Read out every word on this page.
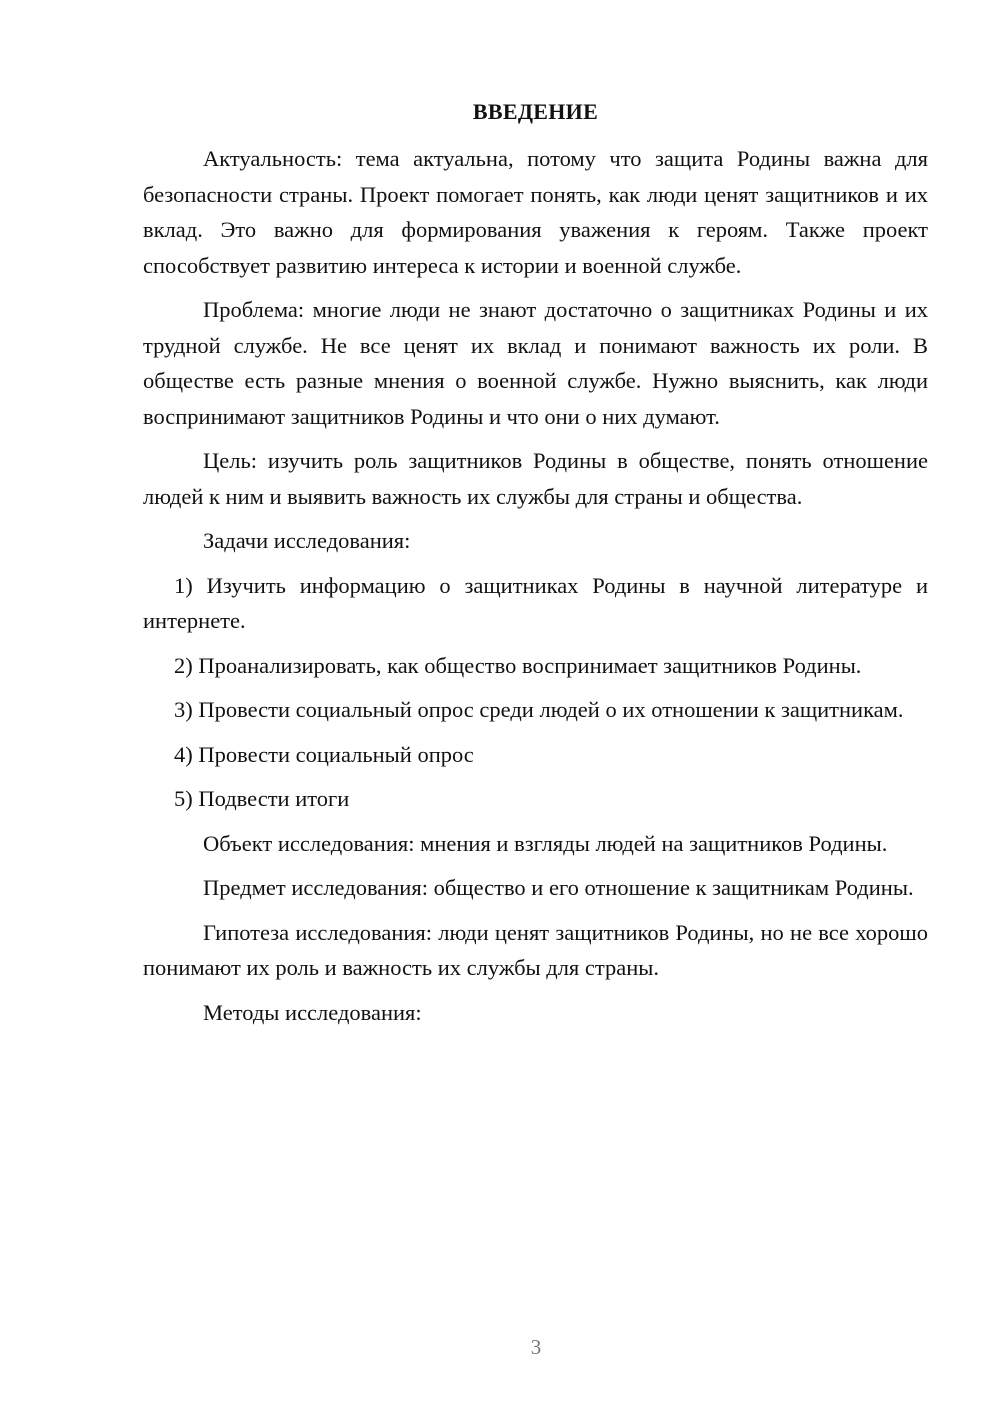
ВВЕДЕНИЕ

Актуальность: тема актуальна, потому что защита Родины важна для безопасности страны. Проект помогает понять, как люди ценят защитников и их вклад. Это важно для формирования уважения к героям. Также проект способствует развитию интереса к истории и военной службе.

Проблема: многие люди не знают достаточно о защитниках Родины и их трудной службе. Не все ценят их вклад и понимают важность их роли. В обществе есть разные мнения о военной службе. Нужно выяснить, как люди воспринимают защитников Родины и что они о них думают.

Цель: изучить роль защитников Родины в обществе, понять отношение людей к ним и выявить важность их службы для страны и общества.

Задачи исследования:

1) Изучить информацию о защитниках Родины в научной литературе и интернете.

2) Проанализировать, как общество воспринимает защитников Родины.

3) Провести социальный опрос среди людей о их отношении к защитникам.

4) Провести социальный опрос

5) Подвести итоги

Объект исследования: мнения и взгляды людей на защитников Родины.

Предмет исследования: общество и его отношение к защитникам Родины.

Гипотеза исследования: люди ценят защитников Родины, но не все хорошо понимают их роль и важность их службы для страны.

Методы исследования:

3
